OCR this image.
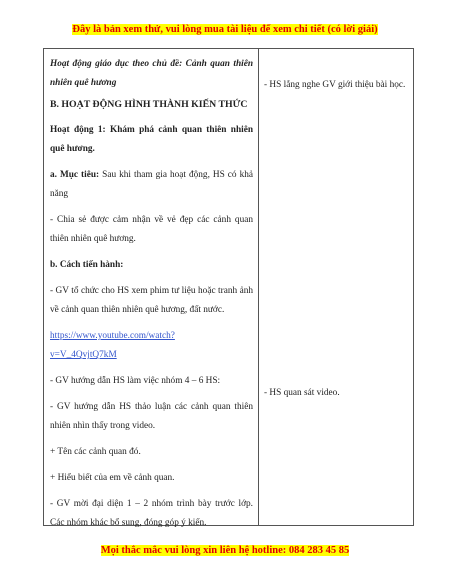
Đây là bản xem thử, vui lòng mua tài liệu để xem chi tiết (có lời giải)

Hoạt động giáo dục theo chủ đề: Cảnh quan thiên nhiên quê hương

B. HOẠT ĐỘNG HÌNH THÀNH KIẾN THỨC

Hoạt động 1: Khám phá cảnh quan thiên nhiên quê hương.

a. Mục tiêu: Sau khi tham gia hoạt động, HS có khả năng

- Chia sẻ được cảm nhận về vẻ đẹp các cảnh quan thiên nhiên quê hương.

b. Cách tiến hành:

- GV tổ chức cho HS xem phim tư liệu hoặc tranh ảnh về cảnh quan thiên nhiên quê hương, đất nước.

https://www.youtube.com/watch?
v=V_4QvjtQ7kM

- GV hướng dẫn HS làm việc nhóm 4 – 6 HS:

- GV hướng dẫn HS thảo luận các cảnh quan thiên nhiên nhìn thấy trong video.

+ Tên các cảnh quan đó.

+ Hiểu biết của em về cảnh quan.

- GV mời đại diện 1 – 2 nhóm trình bày trước lớp. Các nhóm khác bổ sung, đóng góp ý kiến.

- HS lắng nghe GV giới thiệu bài học.

- HS quan sát video.

Mọi thắc mắc vui lòng xin liên hệ hotline: 084 283 45 85
